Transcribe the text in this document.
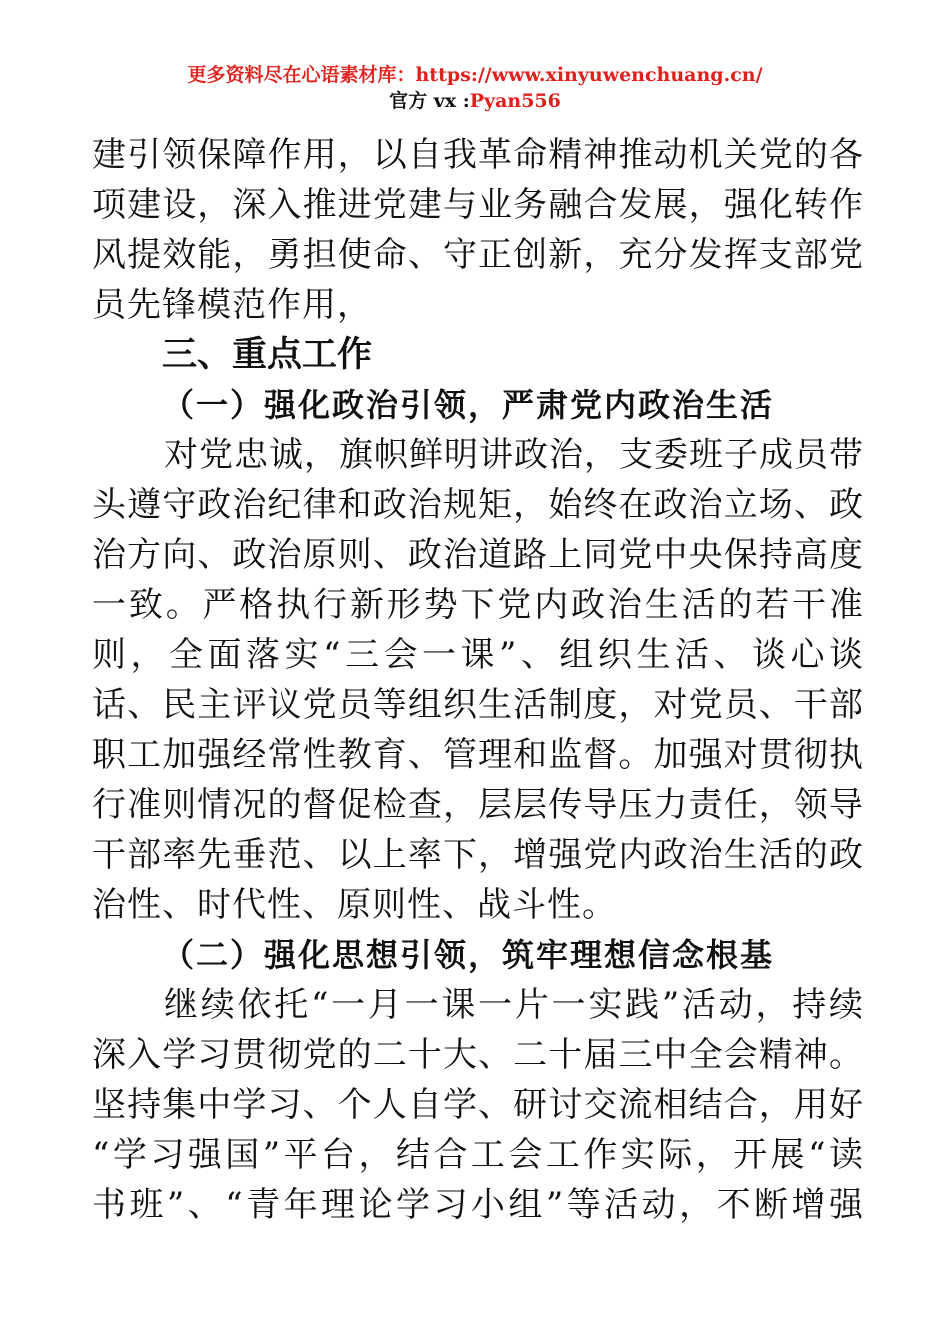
更多资料尽在心语素材库：https://www.xinyuwenchuang.cn/
官方 vx :Pyan556
建引领保障作用，以自我革命精神推动机关党的各
项建设，深入推进党建与业务融合发展，强化转作
风提效能，勇担使命、守正创新，充分发挥支部党
员先锋模范作用，
三、重点工作
（一）强化政治引领，严肃党内政治生活
对党忠诚，旗帜鲜明讲政治，支委班子成员带
头遵守政治纪律和政治规矩，始终在政治立场、政
治方向、政治原则、政治道路上同党中央保持高度
一致。严格执行新形势下党内政治生活的若干准
则，全面落实“三会一课”、组织生活、谈心谈
话、民主评议党员等组织生活制度，对党员、干部
职工加强经常性教育、管理和监督。加强对贯彻执
行准则情况的督促检查，层层传导压力责任，领导
干部率先垂范、以上率下，增强党内政治生活的政
治性、时代性、原则性、战斗性。
（二）强化思想引领，筑牢理想信念根基
继续依托“一月一课一片一实践”活动，持续
深入学习贯彻党的二十大、二十届三中全会精神。
坚持集中学习、个人自学、研讨交流相结合，用好
“学习强国”平台，结合工会工作实际，开展“读
书班”、“青年理论学习小组”等活动，不断增强
